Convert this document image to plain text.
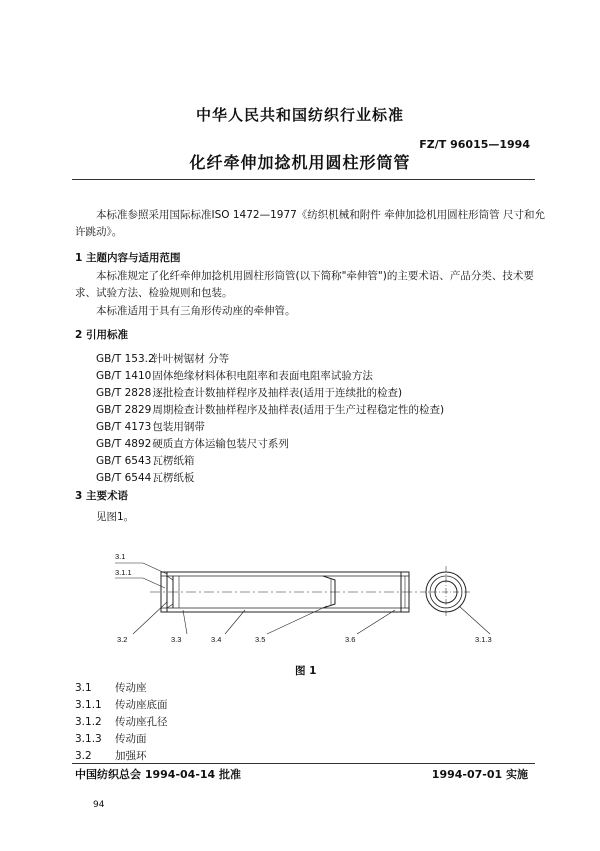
中华人民共和国纺织行业标准
FZ/T 96015—1994
化纤牵伸加捻机用圆柱形筒管
本标准参照采用国际标准ISO 1472—1977《纺织机械和附件 牵伸加捻机用圆柱形筒管 尺寸和允许跳动》。
1 主题内容与适用范围
本标准规定了化纤牵伸加捻机用圆柱形筒管(以下简称"牵伸管")的主要术语、产品分类、技术要求、试验方法、检验规则和包装。
本标准适用于具有三角形传动座的牵伸管。
2 引用标准
GB/T 153.2 针叶树锯材 分等
GB/T 1410 固体绝缘材料体积电阻率和表面电阻率试验方法
GB/T 2828 逐批检查计数抽样程序及抽样表(适用于连续批的检查)
GB/T 2829 周期检查计数抽样程序及抽样表(适用于生产过程稳定性的检查)
GB/T 4173 包装用钢带
GB/T 4892 硬质直方体运输包装尺寸系列
GB/T 6543 瓦楞纸箱
GB/T 6544 瓦楞纸板
3 主要术语
见图1。
3.1
3.1.1
3.2	3.3	3.4	3.5	3.6	3.1.3
图 1
3.1 传动座
3.1.1 传动座底面
3.1.2 传动座孔径
3.1.3 传动面
3.2 加强环
中国纺织总会 1994-04-14 批准	1994-07-01 实施
94
